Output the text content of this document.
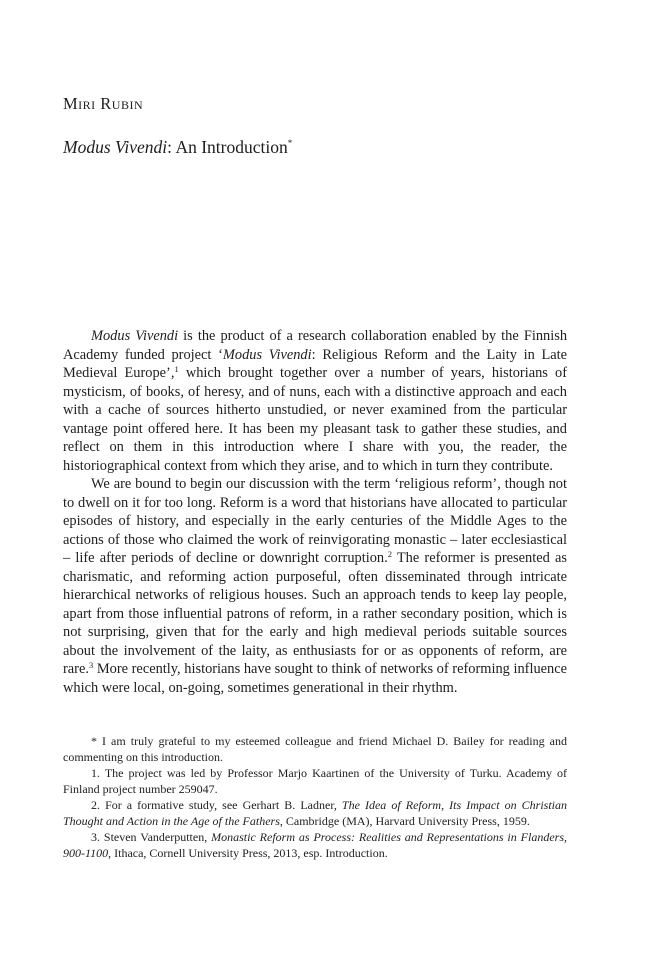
Miri Rubin
Modus Vivendi: An Introduction*

Modus Vivendi is the product of a research collaboration enabled by the Finnish Academy funded project ‘Modus Vivendi: Religious Reform and the Laity in Late Medieval Europe’,$^1$ which brought together over a number of years, historians of mysticism, of books, of heresy, and of nuns, each with a distinctive approach and each with a cache of sources hitherto unstudied, or never examined from the particular vantage point offered here. It has been my pleasant task to gather these studies, and reflect on them in this introduction where I share with you, the reader, the historiographical context from which they arise, and to which in turn they contribute.

We are bound to begin our discussion with the term ‘religious reform’, though not to dwell on it for too long. Reform is a word that historians have allocated to particular episodes of history, and especially in the early centuries of the Middle Ages to the actions of those who claimed the work of reinvigorating monastic – later ecclesiastical – life after periods of decline or downright corruption.$^2$ The reformer is presented as charismatic, and reforming action purposeful, often disseminated through intricate hierarchical networks of religious houses. Such an approach tends to keep lay people, apart from those influential patrons of reform, in a rather secondary position, which is not surprising, given that for the early and high medieval periods suitable sources about the involvement of the laity, as enthusiasts for or as opponents of reform, are rare.$^3$ More recently, historians have sought to think of networks of reforming influence which were local, on-going, sometimes generational in their rhythm.

* I am truly grateful to my esteemed colleague and friend Michael D. Bailey for reading and commenting on this introduction.

1. The project was led by Professor Marjo Kaartinen of the University of Turku. Academy of Finland project number 259047.

2. For a formative study, see Gerhart B. Ladner, The Idea of Reform, Its Impact on Christian Thought and Action in the Age of the Fathers, Cambridge (MA), Harvard University Press, 1959.

3. Steven Vanderputten, Monastic Reform as Process: Realities and Representations in Flanders, 900-1100, Ithaca, Cornell University Press, 2013, esp. Introduction.
